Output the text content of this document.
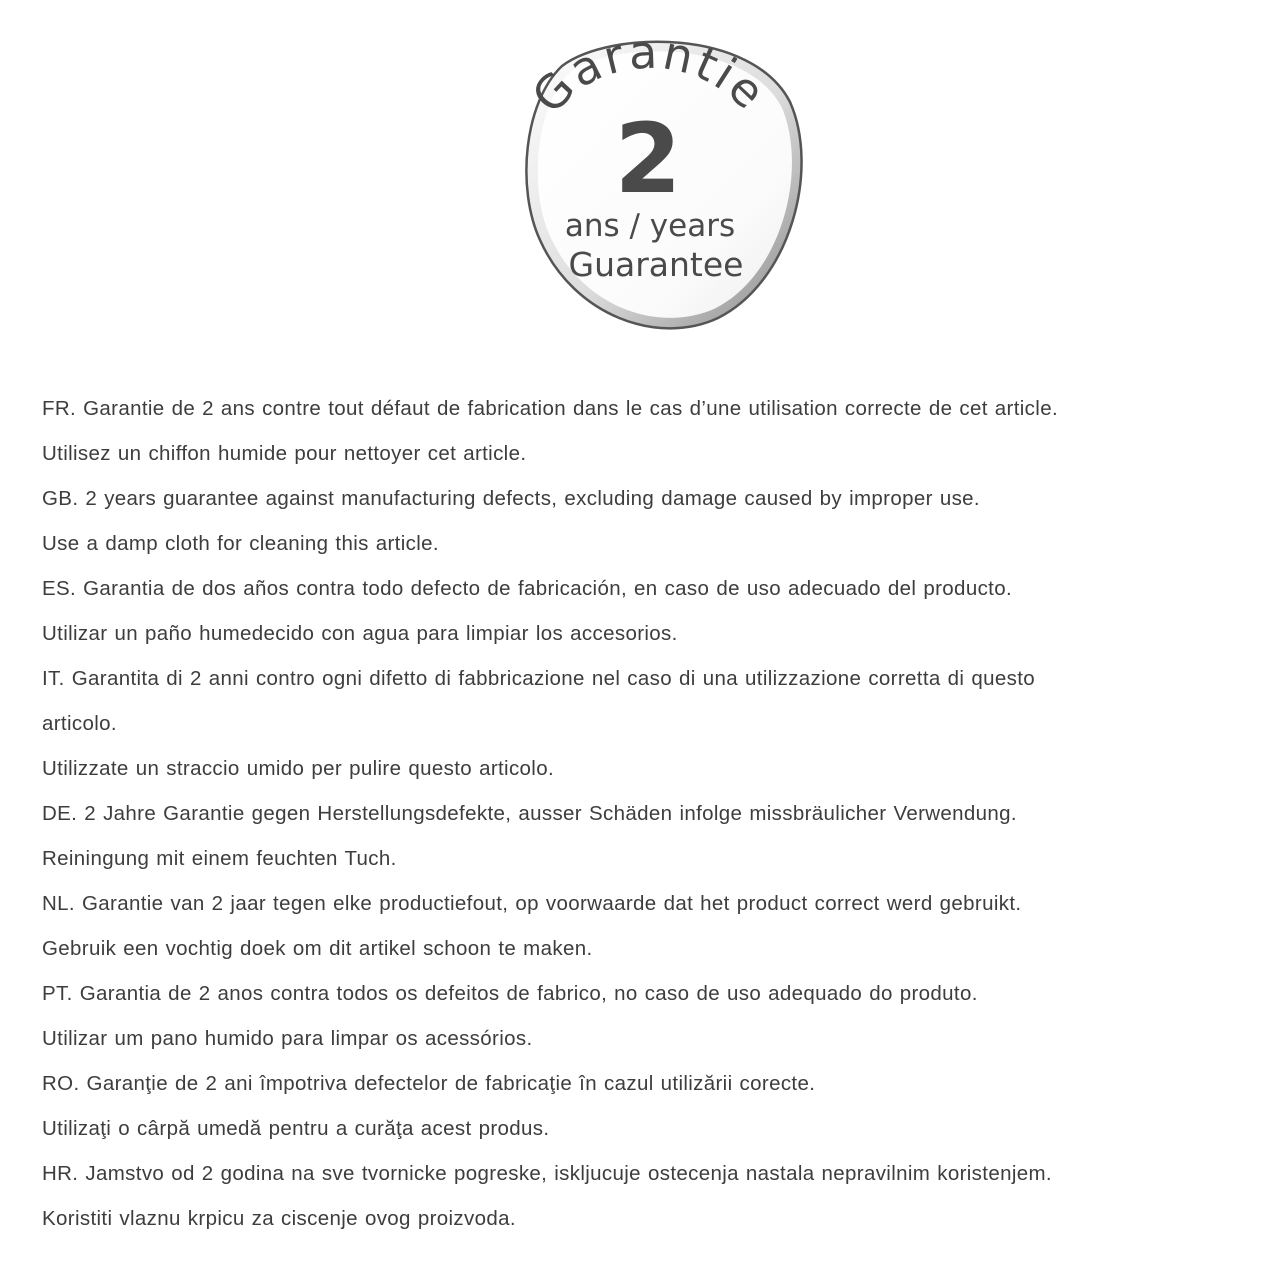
Garantie
2
ans / years
Guarantee
FR. Garantie de 2 ans contre tout défaut de fabrication dans le cas d’une utilisation correcte de cet article.
Utilisez un chiffon humide pour nettoyer cet article.
GB. 2 years guarantee against manufacturing defects, excluding damage caused by improper use.
Use a damp cloth for cleaning this article.
ES. Garantia de dos años contra todo defecto de fabricación, en caso de uso adecuado del producto.
Utilizar un paño humedecido con agua para limpiar los accesorios.
IT. Garantita di 2 anni contro ogni difetto di fabbricazione nel caso di una utilizzazione corretta di questo
articolo.
Utilizzate un straccio umido per pulire questo articolo.
DE. 2 Jahre Garantie gegen Herstellungsdefekte, ausser Schäden infolge missbräulicher Verwendung.
Reiningung mit einem feuchten Tuch.
NL. Garantie van 2 jaar tegen elke productiefout, op voorwaarde dat het product correct werd gebruikt.
Gebruik een vochtig doek om dit artikel schoon te maken.
PT. Garantia de 2 anos contra todos os defeitos de fabrico, no caso de uso adequado do produto.
Utilizar um pano humido para limpar os acessórios.
RO. Garanţie de 2 ani împotriva defectelor de fabricaţie în cazul utilizării corecte.
Utilizaţi o cârpă umedă pentru a curăţa acest produs.
HR. Jamstvo od 2 godina na sve tvornicke pogreske, iskljucuje ostecenja nastala nepravilnim koristenjem.
Koristiti vlaznu krpicu za ciscenje ovog proizvoda.
